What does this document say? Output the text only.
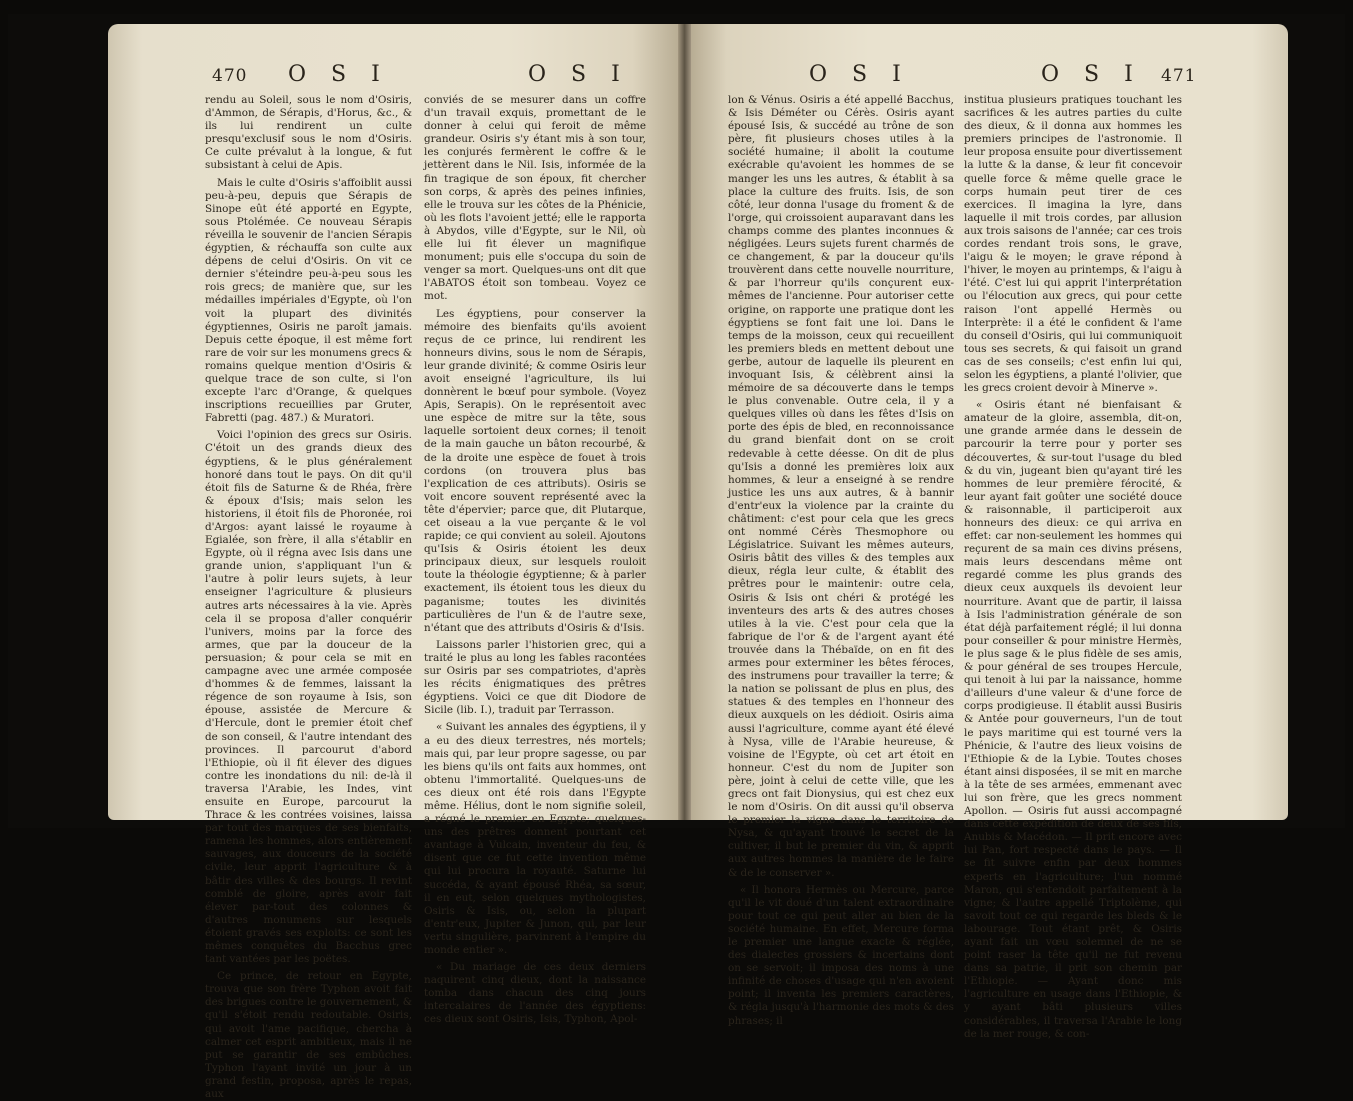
470 O S I	O S I

rendu au Soleil, sous le nom d'Osiris, d'Ammon, de Sérapis, d'Horus, &c., & ils lui rendirent un culte presqu'exclusif sous le nom d'Osiris. Ce culte prévalut à la longue, & fut subsistant à celui de Apis.

Mais le culte d'Osiris s'affoiblit aussi peu-à-peu, depuis que Sérapis de Sinope eût été apporté en Egypte, sous Ptolémée. Ce nouveau Sérapis réveilla le souvenir de l'ancien Sérapis égyptien, & réchauffa son culte aux dépens de celui d'Osiris. On vit ce dernier s'éteindre peu-à-peu sous les rois grecs; de manière que, sur les médailles impériales d'Egypte, où l'on voit la plupart des divinités égyptiennes, Osiris ne paroît jamais. Depuis cette époque, il est même fort rare de voir sur les monumens grecs & romains quelque mention d'Osiris & quelque trace de son culte, si l'on excepte l'arc d'Orange, & quelques inscriptions recueillies par Gruter, Fabretti (pag. 487.) & Muratori.

Voici l'opinion des grecs sur Osiris. C'étoit un des grands dieux des égyptiens, & le plus généralement honoré dans tout le pays. On dit qu'il étoit fils de Saturne & de Rhéa, frère & époux d'Isis; mais selon les historiens, il étoit fils de Phoronée, roi d'Argos: ayant laissé le royaume à Egialée, son frère, il alla s'établir en Egypte, où il régna avec Isis dans une grande union, s'appliquant l'un & l'autre à polir leurs sujets, à leur enseigner l'agriculture & plusieurs autres arts nécessaires à la vie. Après cela il se proposa d'aller conquérir l'univers, moins par la force des armes, que par la douceur de la persuasion; & pour cela se mit en campagne avec une armée composée d'hommes & de femmes, laissant la régence de son royaume à Isis, son épouse, assistée de Mercure & d'Hercule, dont le premier étoit chef de son conseil, & l'autre intendant des provinces. Il parcourut d'abord l'Ethiopie, où il fit élever des digues contre les inondations du nil: de-là il traversa l'Arabie, les Indes, vint ensuite en Europe, parcourut la Thrace & les contrées voisines, laissa par tout des marques de ses bienfaits, ramena les hommes, alors entièrement sauvages, aux douceurs de la société civile, leur apprit l'agriculture & à bâtir des villes & des bourgs. Il revint comblé de gloire, après avoir fait élever par-tout des colonnes & d'autres monumens sur lesquels étoient gravés ses exploits: ce sont les mêmes conquêtes du Bacchus grec tant vantées par les poëtes.

Ce prince, de retour en Egypte, trouva que son frère Typhon avoit fait des brigues contre le gouvernement, & qu'il s'étoit rendu redoutable. Osiris, qui avoit l'ame pacifique, chercha à calmer cet esprit ambitieux, mais il ne put se garantir de ses embûches. Typhon l'ayant invité un jour à un grand festin, proposa, après le repas, aux

conviés de se mesurer dans un coffre d'un travail exquis, promettant de le donner à celui qui feroit de même grandeur. Osiris s'y étant mis à son tour, les conjurés fermèrent le coffre & le jettèrent dans le Nil. Isis, informée de la fin tragique de son époux, fit chercher son corps, & après des peines infinies, elle le trouva sur les côtes de la Phénicie, où les flots l'avoient jetté; elle le rapporta à Abydos, ville d'Egypte, sur le Nil, où elle lui fit élever un magnifique monument; puis elle s'occupa du soin de venger sa mort. Quelques-uns ont dit que l'ABATOS étoit son tombeau. Voyez ce mot.

Les égyptiens, pour conserver la mémoire des bienfaits qu'ils avoient reçus de ce prince, lui rendirent les honneurs divins, sous le nom de Sérapis, leur grande divinité; & comme Osiris leur avoit enseigné l'agriculture, ils lui donnèrent le bœuf pour symbole. (Voyez Apis, Serapis). On le représentoit avec une espèce de mitre sur la tête, sous laquelle sortoient deux cornes; il tenoit de la main gauche un bâton recourbé, & de la droite une espèce de fouet à trois cordons (on trouvera plus bas l'explication de ces attributs). Osiris se voit encore souvent représenté avec la tête d'épervier; parce que, dit Plutarque, cet oiseau a la vue perçante & le vol rapide; ce qui convient au soleil. Ajoutons qu'Isis & Osiris étoient les deux principaux dieux, sur lesquels rouloit toute la théologie égyptienne; & à parler exactement, ils étoient tous les dieux du paganisme; toutes les divinités particulières de l'un & de l'autre sexe, n'étant que des attributs d'Osiris & d'Isis.

Laissons parler l'historien grec, qui a traité le plus au long les fables racontées sur Osiris par ses compatriotes, d'après les récits énigmatiques des prêtres égyptiens. Voici ce que dit Diodore de Sicile (lib. I.), traduit par Terrasson.

« Suivant les annales des égyptiens, il y a eu des dieux terrestres, nés mortels; mais qui, par leur propre sagesse, ou par les biens qu'ils ont faits aux hommes, ont obtenu l'immortalité. Quelques-uns de ces dieux ont été rois dans l'Egypte même. Hélius, dont le nom signifie soleil, a régné le premier en Egypte; quelques-uns des prêtres donnent pourtant cet avantage à Vulcain, inventeur du feu, & disent que ce fut cette invention même qui lui procura la royauté. Saturne lui succéda, & ayant épousé Rhéa, sa sœur, il en eut, selon quelques mythologistes, Osiris & Isis, ou, selon la plupart d'entr'eux, Jupiter & Junon, qui, par leur vertu singulière, parvinrent à l'empire du monde entier ».

« Du mariage de ces deux derniers naquirent cinq dieux, dont la naissance tomba dans chacun des cinq jours intercalaires de l'année des égyptiens: ces dieux sont Osiris, Isis, Typhon, Apol-

O S I	O S I 471

lon & Vénus. Osiris a été appellé Bacchus, & Isis Déméter ou Cérès. Osiris ayant épousé Isis, & succédé au trône de son père, fit plusieurs choses utiles à la société humaine; il abolit la coutume exécrable qu'avoient les hommes de se manger les uns les autres, & établit à sa place la culture des fruits. Isis, de son côté, leur donna l'usage du froment & de l'orge, qui croissoient auparavant dans les champs comme des plantes inconnues & négligées. Leurs sujets furent charmés de ce changement, & par la douceur qu'ils trouvèrent dans cette nouvelle nourriture, & par l'horreur qu'ils conçurent eux-mêmes de l'ancienne. Pour autoriser cette origine, on rapporte une pratique dont les égyptiens se font fait une loi. Dans le temps de la moisson, ceux qui recueillent les premiers bleds en mettent debout une gerbe, autour de laquelle ils pleurent en invoquant Isis, & célèbrent ainsi la mémoire de sa découverte dans le temps le plus convenable. Outre cela, il y a quelques villes où dans les fêtes d'Isis on porte des épis de bled, en reconnoissance du grand bienfait dont on se croit redevable à cette déesse. On dit de plus qu'Isis a donné les premières loix aux hommes, & leur a enseigné à se rendre justice les uns aux autres, & à bannir d'entr'eux la violence par la crainte du châtiment: c'est pour cela que les grecs ont nommé Cérès Thesmophore ou Législatrice. Suivant les mêmes auteurs, Osiris bâtit des villes & des temples aux dieux, régla leur culte, & établit des prêtres pour le maintenir: outre cela, Osiris & Isis ont chéri & protégé les inventeurs des arts & des autres choses utiles à la vie. C'est pour cela que la fabrique de l'or & de l'argent ayant été trouvée dans la Thébaïde, on en fit des armes pour exterminer les bêtes féroces, des instrumens pour travailler la terre; & la nation se polissant de plus en plus, des statues & des temples en l'honneur des dieux auxquels on les dédioit. Osiris aima aussi l'agriculture, comme ayant été élevé à Nysa, ville de l'Arabie heureuse, & voisine de l'Egypte, où cet art étoit en honneur. C'est du nom de Jupiter son père, joint à celui de cette ville, que les grecs ont fait Dionysius, qui est chez eux le nom d'Osiris. On dit aussi qu'il observa le premier la vigne dans le territoire de Nysa, & qu'ayant trouvé le secret de la cultiver, il but le premier du vin, & apprit aux autres hommes la manière de le faire & de le conserver ».

« Il honora Hermès ou Mercure, parce qu'il le vit doué d'un talent extraordinaire pour tout ce qui peut aller au bien de la société humaine. En effet, Mercure forma le premier une langue exacte & réglée, des dialectes grossiers & incertains dont on se servoit; il imposa des noms à une infinité de choses d'usage qui n'en avoient point; il inventa les premiers caractères, & régla jusqu'à l'harmonie des mots & des phrases; il

institua plusieurs pratiques touchant les sacrifices & les autres parties du culte des dieux, & il donna aux hommes les premiers principes de l'astronomie. Il leur proposa ensuite pour divertissement la lutte & la danse, & leur fit concevoir quelle force & même quelle grace le corps humain peut tirer de ces exercices. Il imagina la lyre, dans laquelle il mit trois cordes, par allusion aux trois saisons de l'année; car ces trois cordes rendant trois sons, le grave, l'aigu & le moyen; le grave répond à l'hiver, le moyen au printemps, & l'aigu à l'été. C'est lui qui apprit l'interprétation ou l'élocution aux grecs, qui pour cette raison l'ont appellé Hermès ou Interprète: il a été le confident & l'ame du conseil d'Osiris, qui lui communiquoit tous ses secrets, & qui faisoit un grand cas de ses conseils; c'est enfin lui qui, selon les égyptiens, a planté l'olivier, que les grecs croient devoir à Minerve ».

« Osiris étant né bienfaisant & amateur de la gloire, assembla, dit-on, une grande armée dans le dessein de parcourir la terre pour y porter ses découvertes, & sur-tout l'usage du bled & du vin, jugeant bien qu'ayant tiré les hommes de leur première férocité, & leur ayant fait goûter une société douce & raisonnable, il participeroit aux honneurs des dieux: ce qui arriva en effet: car non-seulement les hommes qui reçurent de sa main ces divins présens, mais leurs descendans même ont regardé comme les plus grands des dieux ceux auxquels ils devoient leur nourriture. Avant que de partir, il laissa à Isis l'administration générale de son état déjà parfaitement réglé; il lui donna pour conseiller & pour ministre Hermès, le plus sage & le plus fidèle de ses amis, & pour général de ses troupes Hercule, qui tenoit à lui par la naissance, homme d'ailleurs d'une valeur & d'une force de corps prodigieuse. Il établit aussi Busiris & Antée pour gouverneurs, l'un de tout le pays maritime qui est tourné vers la Phénicie, & l'autre des lieux voisins de l'Ethiopie & de la Lybie. Toutes choses étant ainsi disposées, il se mit en marche à la tête de ses armées, emmenant avec lui son frère, que les grecs nomment Apollon. — Osiris fut aussi accompagné dans cette expédition de deux de ses fils, Anubis & Macédon. — Il prit encore avec lui Pan, fort respecté dans le pays. — Il se fit suivre enfin par deux hommes experts en l'agriculture; l'un nommé Maron, qui s'entendoit parfaitement à la vigne; & l'autre appellé Triptolème, qui savoit tout ce qui regarde les bleds & le labourage. Tout étant prêt, & Osiris ayant fait un vœu solemnel de ne se point raser la tête qu'il ne fut revenu dans sa patrie, il prit son chemin par l'Ethiopie. — Ayant donc mis l'agriculture en usage dans l'Ethiopie, & y ayant bâti plusieurs villes considérables, il traversa l'Arabie le long de la mer rouge, & con-
